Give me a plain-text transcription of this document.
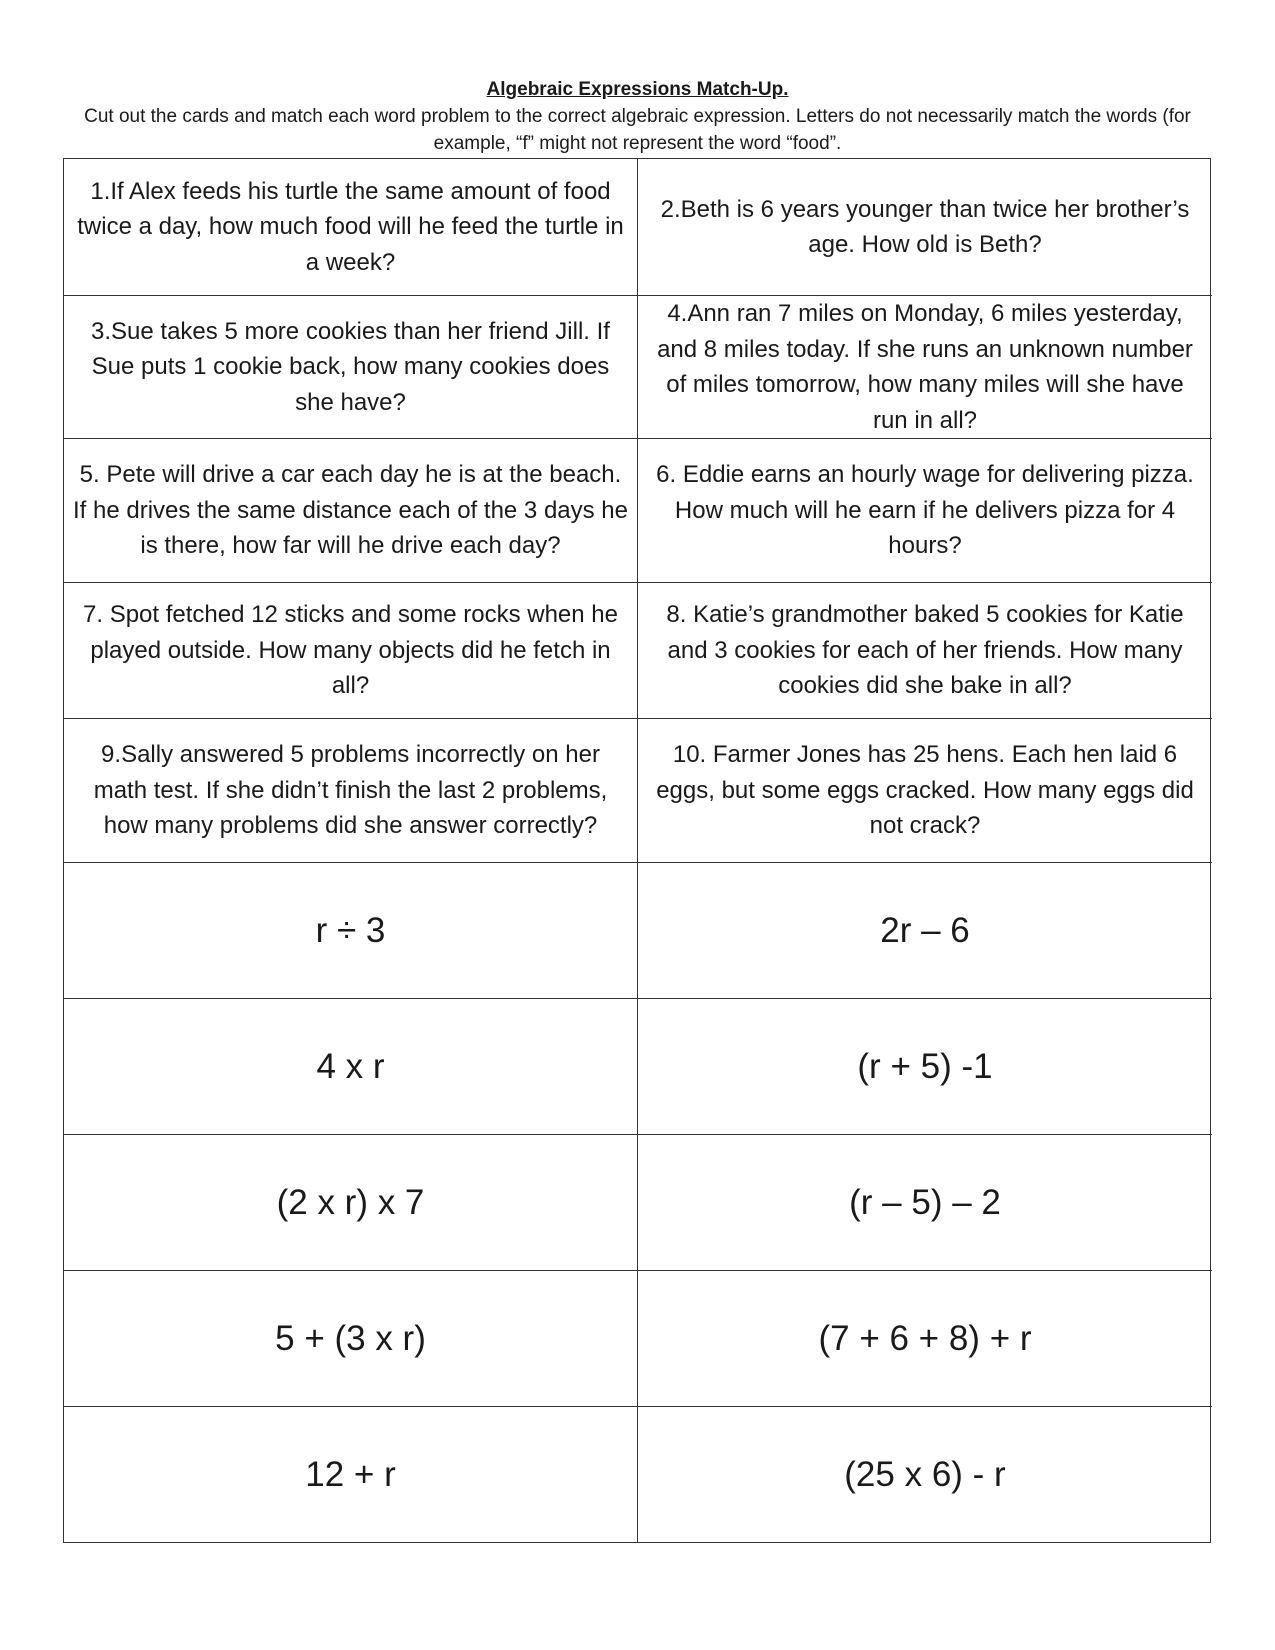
Algebraic Expressions Match-Up.
Cut out the cards and match each word problem to the correct algebraic expression. Letters do not necessarily match the words (for example, “f” might not represent the word “food”.
1.If Alex feeds his turtle the same amount of food twice a day, how much food will he feed the turtle in a week?
2.Beth is 6 years younger than twice her brother’s age. How old is Beth?
3.Sue takes 5 more cookies than her friend Jill. If Sue puts 1 cookie back, how many cookies does she have?
4.Ann ran 7 miles on Monday, 6 miles yesterday, and 8 miles today. If she runs an unknown number of miles tomorrow, how many miles will she have run in all?
5. Pete will drive a car each day he is at the beach. If he drives the same distance each of the 3 days he is there, how far will he drive each day?
6. Eddie earns an hourly wage for delivering pizza. How much will he earn if he delivers pizza for 4 hours?
7. Spot fetched 12 sticks and some rocks when he played outside. How many objects did he fetch in all?
8. Katie’s grandmother baked 5 cookies for Katie and 3 cookies for each of her friends. How many cookies did she bake in all?
9.Sally answered 5 problems incorrectly on her math test. If she didn’t finish the last 2 problems, how many problems did she answer correctly?
10. Farmer Jones has 25 hens. Each hen laid 6 eggs, but some eggs cracked. How many eggs did not crack?
r ÷ 3	2r – 6
4 x r	(r + 5) -1
(2 x r) x 7	(r – 5) – 2
5 + (3 x r)	(7 + 6 + 8) + r
12 + r	(25 x 6) - r
